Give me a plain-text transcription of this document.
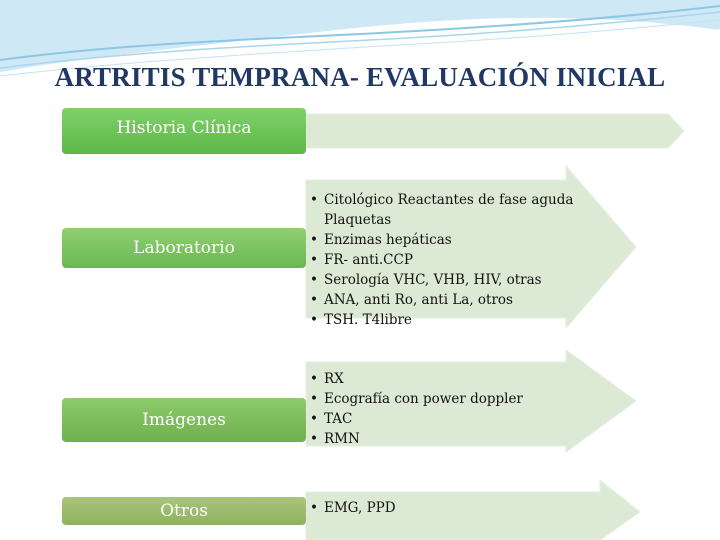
ARTRITIS TEMPRANA- EVALUACIÓN INICIAL
Historia Clínica
Laboratorio
Imágenes
Otros
• Citológico Reactantes de fase aguda
Plaquetas
• Enzimas hepáticas
• FR- anti.CCP
• Serología VHC, VHB, HIV, otras
• ANA, anti Ro, anti La, otros
• TSH. T4libre
• RX
• Ecografía con power doppler
• TAC
• RMN
• EMG, PPD
